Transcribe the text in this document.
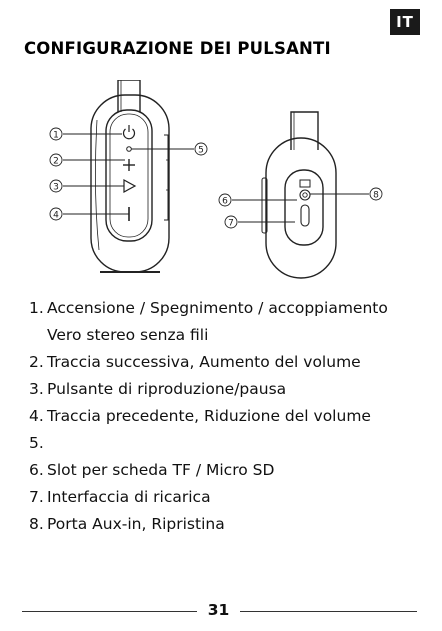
IT
CONFIGURAZIONE DEI PULSANTI
1
2
3
4
5
6
7
8
1. Accensione / Spegnimento / accoppiamento
Vero stereo senza fili
2. Traccia successiva, Aumento del volume
3. Pulsante di riproduzione/pausa
4. Traccia precedente, Riduzione del volume
5.
6. Slot per scheda TF / Micro SD
7. Interfaccia di ricarica
8. Porta Aux-in, Ripristina
31
